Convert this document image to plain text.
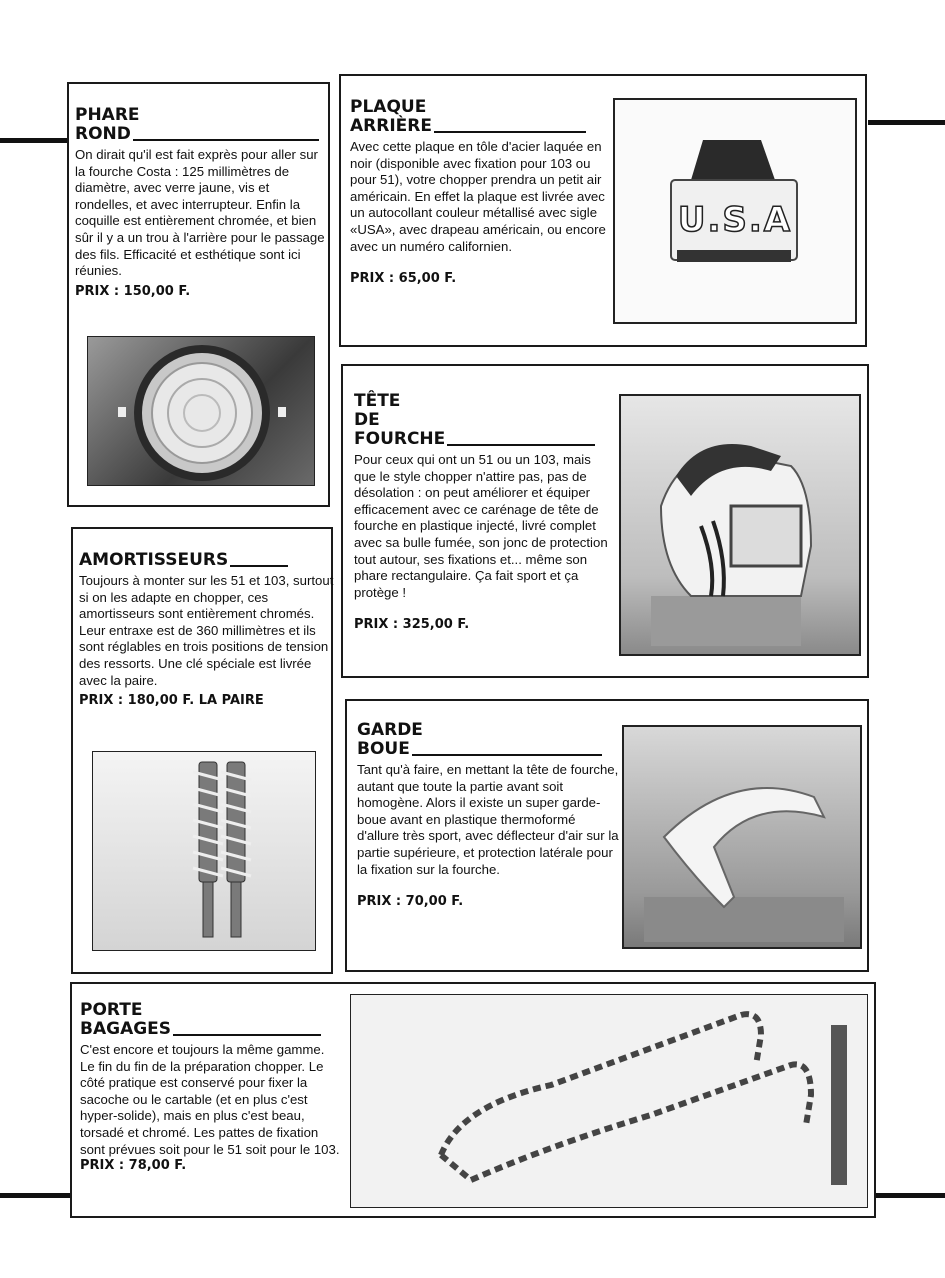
PHARE
ROND
On dirait qu'il est fait exprès pour aller sur la fourche Costa : 125 millimètres de diamètre, avec verre jaune, vis et rondelles, et avec interrupteur. Enfin la coquille est entièrement chromée, et bien sûr il y a un trou à l'arrière pour le passage des fils. Efficacité et esthétique sont ici réunies.
PRIX : 150,00 F.
PLAQUE
ARRIÈRE
Avec cette plaque en tôle d'acier laquée en noir (disponible avec fixation pour 103 ou pour 51), votre chopper prendra un petit air américain. En effet la plaque est livrée avec un autocollant couleur métallisé avec sigle «USA», avec drapeau américain, ou encore avec un numéro californien.
PRIX : 65,00 F.
U.S.A
TÊTE
DE
FOURCHE
Pour ceux qui ont un 51 ou un 103, mais que le style chopper n'attire pas, pas de désolation : on peut améliorer et équiper efficacement avec ce carénage de tête de fourche en plastique injecté, livré complet avec sa bulle fumée, son jonc de protection tout autour, ses fixations et... même son phare rectangulaire. Ça fait sport et ça protège !
PRIX : 325,00 F.
AMORTISSEURS
Toujours à monter sur les 51 et 103, surtout si on les adapte en chopper, ces amortisseurs sont entièrement chromés. Leur entraxe est de 360 millimètres et ils sont réglables en trois positions de tension des ressorts. Une clé spéciale est livrée avec la paire.
PRIX : 180,00 F. LA PAIRE
GARDE
BOUE
Tant qu'à faire, en mettant la tête de fourche, autant que toute la partie avant soit homogène. Alors il existe un super garde-boue avant en plastique thermoformé d'allure très sport, avec déflecteur d'air sur la partie supérieure, et protection latérale pour la fixation sur la fourche.
PRIX : 70,00 F.
PORTE
BAGAGES
C'est encore et toujours la même gamme. Le fin du fin de la préparation chopper. Le côté pratique est conservé pour fixer la sacoche ou le cartable (et en plus c'est hyper-solide), mais en plus c'est beau, torsadé et chromé. Les pattes de fixation sont prévues soit pour le 51 soit pour le 103.
PRIX : 78,00 F.
